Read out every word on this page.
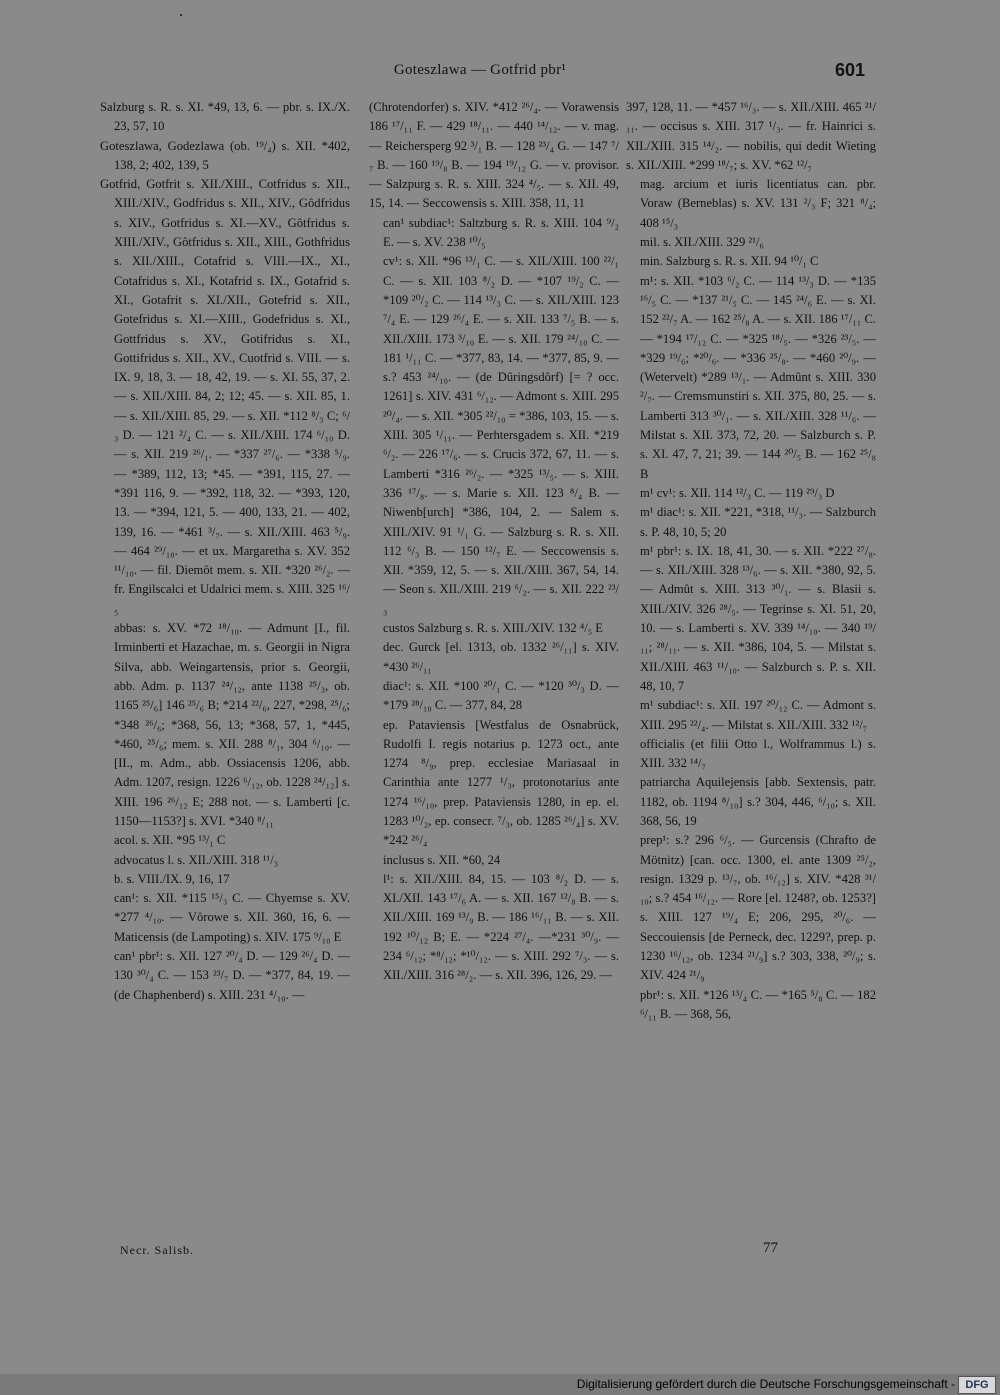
Goteszlawa — Gotfrid pbr¹	601

Salzburg s. R. s. XI. *49, 13, 6. — pbr. s. IX./X. 23, 57, 10

Goteszlawa, Godezlawa (ob. ¹⁹/₄) s. XII. *402, 138, 2; 402, 139, 5

Gotfrid, Gotfrit s. XII./XIII., Cotfridus s. XII., XIII./XIV., Godfridus s. XII., XIV., Gôdfridus s. XIV., Gotfridus s. XI.—XV., Gôtfridus s. XIII./XIV., Gôtfridus s. XII., XIII., Gothfridus s. XII./XIII., Cotafrid s. VIII.—IX., XI., Cotafridus s. XI., Kotafrid s. IX., Gotafrid s. XI., Gotafrit s. XI./XII., Gotefrid s. XII., Gotefridus s. XI.—XIII., Godefridus s. XI., Gottfridus s. XV., Gotifridus s. XI., Gottifridus s. XII., XV., Cuotfrid s. VIII. — s. IX. 9, 18, 3. — 18, 42, 19. — s. XI. 55, 37, 2. — s. XII./XIII. 84, 2; 12; 45. — s. XII. 85, 1. — s. XII./XIII. 85, 29. — s. XII. *112 ⁸/₃ C; ⁶/₃ D. — 121 ²/₄ C. — s. XII./XIII. 174 ⁶/₁₀ D. — s. XII. 219 ²⁶/₁. — *337 ²⁷/₆. — *338 ⁵/₉. — *389, 112, 13; *45. — *391, 115, 27. — *391 116, 9. — *392, 118, 32. — *393, 120, 13. — *394, 121, 5. — 400, 133, 21. — 402, 139, 16. — *461 ³/₇. — s. XII./XIII. 463 ⁵/₉. — 464 ²⁹/₁₀. — et ux. Margaretha s. XV. 352 ¹¹/₁₀. — fil. Diemôt mem. s. XII. *320 ²⁶/₂. — fr. Engilscalci et Udalrici mem. s. XIII. 325 ¹⁶/₅

abbas: s. XV. *72 ¹⁸/₁₀. — Admunt [I., fil. Irminberti et Hazachae, m. s. Georgii in Nigra Silva, abb. Weingartensis, prior s. Georgii, abb. Adm. p. 1137 ²⁴/₁₂, ante 1138 ²⁵/₃, ob. 1165 ²⁵/₆] 146 ²⁵/₆ B; *214 ²²/₆, 227, *298, ²⁵/₆; *348 ²⁶/₆; *368, 56, 13; *368, 57, 1, *445, *460, ²⁵/₆; mem. s. XII. 288 ⁸/₁, 304 ⁶/₁₀. — [II., m. Adm., abb. Ossiacensis 1206, abb. Adm. 1207, resign. 1226 ⁶/₁₂, ob. 1228 ²⁴/₁₂] s. XIII. 196 ²⁶/₁₂ E; 288 not. — s. Lamberti [c. 1150—1153?] s. XVI. *340 ⁸/₁₁

acol. s. XII. *95 ¹³/₁ C

advocatus l. s. XII./XIII. 318 ¹¹/₃

b. s. VIII./IX. 9, 16, 17

can¹: s. XII. *115 ¹⁵/₃ C. — Chyemse s. XV. *277 ⁴/₁₀. — Vôrowe s. XII. 360, 16, 6. — Maticensis (de Lampoting) s. XIV. 175 ⁹/₁₀ E

can¹ pbr¹: s. XII. 127 ²⁰/₄ D. — 129 ²⁶/₄ D. — 130 ³⁰/₄ C. — 153 ²³/₇ D. — *377, 84, 19. — (de Chaphenberd) s. XIII. 231 ⁴/₁₀. —

(Chrotendorfer) s. XIV. *412 ²⁶/₄. — Vorawensis 186 ¹⁷/₁₁ F. — 429 ¹⁸/₁₁. — 440 ¹⁴/₁₂. — v. mag. — Reichersperg 92 ³/₁ B. — 128 ²³/₄ G. — 147 ⁷/₇ B. — 160 ¹⁹/₈ B. — 194 ¹⁹/₁₂ G. — v. provisor. — Salzpurg s. R. s. XIII. 324 ⁴/₅. — s. XII. 49, 15, 14. — Seccowensis s. XIII. 358, 11, 11

can¹ subdiac¹: Saltzburg s. R. s. XIII. 104 ⁹/₂ E. — s. XV. 238 ¹⁰/₅

cv¹: s. XII. *96 ¹³/₁ C. — s. XII./XIII. 100 ²²/₁ C. — s. XII. 103 ⁸/₂ D. — *107 ¹⁹/₂ C. — *109 ²⁰/₂ C. — 114 ¹³/₃ C. — s. XII./XIII. 123 ⁷/₄ E. — 129 ²⁶/₄ E. — s. XII. 133 ⁷/₅ B. — s. XII./XIII. 173 ³/₁₀ E. — s. XII. 179 ²⁴/₁₀ C. — 181 ¹/₁₁ C. — *377, 83, 14. — *377, 85, 9. — s.? 453 ²⁴/₁₀. — (de Dûringsdôrf) [= ? occ. 1261] s. XIV. 431 ⁶/₁₂. — Admont s. XIII. 295 ²⁰/₄. — s. XII. *305 ²²/₁₀ = *386, 103, 15. — s. XIII. 305 ¹/₁₁. — Perhtersgadem s. XII. *219 ⁶/₂. — 226 ¹⁷/₆. — s. Crucis 372, 67, 11. — s. Lamberti *316 ²⁶/₂. — *325 ¹³/₅. — s. XIII. 336 ¹⁷/₈. — s. Marie s. XII. 123 ⁸/₄ B. — Niwenb[urch] *386, 104, 2. — Salem s. XIII./XIV. 91 ¹/₁ G. — Salzburg s. R. s. XII. 112 ⁶/₃ B. — 150 ¹²/₇ E. — Seccowensis s. XII. *359, 12, 5. — s. XII./XIII. 367, 54, 14. — Seon s. XII./XIII. 219 ⁶/₂. — s. XII. 222 ²³/₃

custos Salzburg s. R. s. XIII./XIV. 132 ⁴/₅ E

dec. Gurck [el. 1313, ob. 1332 ²⁶/₁₁] s. XIV. *430 ²⁶/₁₁

diac¹: s. XII. *100 ²⁰/₁ C. — *120 ³⁰/₃ D. — *179 ²⁸/₁₀ C. — 377, 84, 28

ep. Pataviensis [Westfalus de Osnabrück, Rudolfi I. regis notarius p. 1273 oct., ante 1274 ⁸/₉, prep. ecclesiae Mariasaal in Carinthia ante 1277 ¹/₃, protonotarius ante 1274 ¹⁶/₁₀, prep. Pataviensis 1280, in ep. el. 1283 ¹⁰/₂, ep. consecr. ⁷/₃, ob. 1285 ²⁶/₄] s. XV. *242 ²⁶/₄

inclusus s. XII. *60, 24

l¹: s. XII./XIII. 84, 15. — 103 ⁸/₂ D. — s. XI./XII. 143 ¹⁷/₆ A. — s. XII. 167 ¹²/₈ B. — s. XII./XIII. 169 ¹³/₉ B. — 186 ¹⁶/₁₁ B. — s. XII. 192 ¹⁰/₁₂ B; E. — *224 ²⁷/₄. —*231 ³⁰/₉. — 234 ⁶/₁₂; *⁸/₁₂; *¹⁰/₁₂. — s. XIII. 292 ⁷/₃. — s. XII./XIII. 316 ²⁸/₂. — s. XII. 396, 126, 29. —

397, 128, 11. — *457 ¹⁶/₃. — s. XII./XIII. 465 ²¹/₁₁. — occisus s. XIII. 317 ¹/₃. — fr. Hainrici s. XII./XIII. 315 ¹⁴/₂. — nobilis, qui dedit Wieting s. XII./XIII. *299 ¹⁸/₇; s. XV. *62 ¹²/₇

mag. arcium et iuris licentiatus can. pbr. Voraw (Berneblas) s. XV. 131 ²/₃ F; 321 ⁸/₄; 408 ¹⁵/₃

mil. s. XII./XIII. 329 ²¹/₆

min. Salzburg s. R. s. XII. 94 ¹⁰/₁ C

m¹: s. XII. *103 ⁶/₂ C. — 114 ¹³/₃ D. — *135 ¹⁶/₅ C. — *137 ²¹/₅ C. — 145 ²⁴/₆ E. — s. XI. 152 ²²/₇ A. — 162 ²⁵/₈ A. — s. XII. 186 ¹⁷/₁₁ C. — *194 ¹⁷/₁₂ C. — *325 ¹⁸/₅. — *326 ²³/₅. — *329 ¹⁹/₆; *²⁰/₆. — *336 ²⁵/₈. — *460 ²⁰/₉. — (Wetervelt) *289 ¹³/₁. — Admûnt s. XIII. 330 ²/₇. — Cremsmunstiri s. XII. 375, 80, 25. — s. Lamberti 313 ³⁰/₁. — s. XII./XIII. 328 ¹¹/₆. — Milstat s. XII. 373, 72, 20. — Salzburch s. P. s. XI. 47, 7, 21; 39. — 144 ²⁰/₅ B. — 162 ²⁵/₈ B

m¹ cv¹: s. XII. 114 ¹²/₃ C. — 119 ²⁹/₃ D

m¹ diac¹: s. XII. *221, *318, ¹¹/₃. — Salzburch s. P. 48, 10, 5; 20

m¹ pbr¹: s. IX. 18, 41, 30. — s. XII. *222 ²⁷/₈. — s. XII./XIII. 328 ¹³/₆. — s. XII. *380, 92, 5. — Admût s. XIII. 313 ³⁰/₁. — s. Blasii s. XIII./XIV. 326 ²⁸/₅. — Tegrinse s. XI. 51, 20, 10. — s. Lamberti s. XV. 339 ¹⁴/₁₀. — 340 ¹⁹/₁₁; ²⁸/₁₁. — s. XII. *386, 104, 5. — Milstat s. XII./XIII. 463 ¹¹/₁₀. — Salzburch s. P. s. XII. 48, 10, 7

m¹ subdiac¹: s. XII. 197 ²⁰/₁₂ C. — Admont s. XIII. 295 ²²/₄. — Milstat s. XII./XIII. 332 ¹²/₇

officialis (et filii Otto l., Wolframmus l.) s. XIII. 332 ¹⁴/₇

patriarcha Aquilejensis [abb. Sextensis, patr. 1182, ob. 1194 ⁸/₁₀] s.? 304, 446, ⁶/₁₀; s. XII. 368, 56, 19

prep¹: s.? 296 ⁶/₅. — Gurcensis (Chrafto de Mötnitz) [can. occ. 1300, el. ante 1309 ²⁵/₂, resign. 1329 p. ¹³/₇, ob. ¹⁶/₁₂] s. XIV. *428 ³¹/₁₀; s.? 454 ¹⁶/₁₂. — Rore [el. 1248?, ob. 1253?] s. XIII. 127 ¹⁹/₄ E; 206, 295, ²⁰/₆. — Seccouiensis [de Perneck, dec. 1229?, prep. p. 1230 ¹⁶/₁₂, ob. 1234 ²¹/₉] s.? 303, 338, ²⁰/₉; s. XIV. 424 ²¹/₉

pbr¹: s. XII. *126 ¹³/₄ C. — *165 ⁵/₈ C. — 182 ⁶/₁₁ B. — 368, 56,

Necr. Salisb.	77
Digitalisierung gefördert durch die Deutsche Forschungsgemeinschaft - DFG
